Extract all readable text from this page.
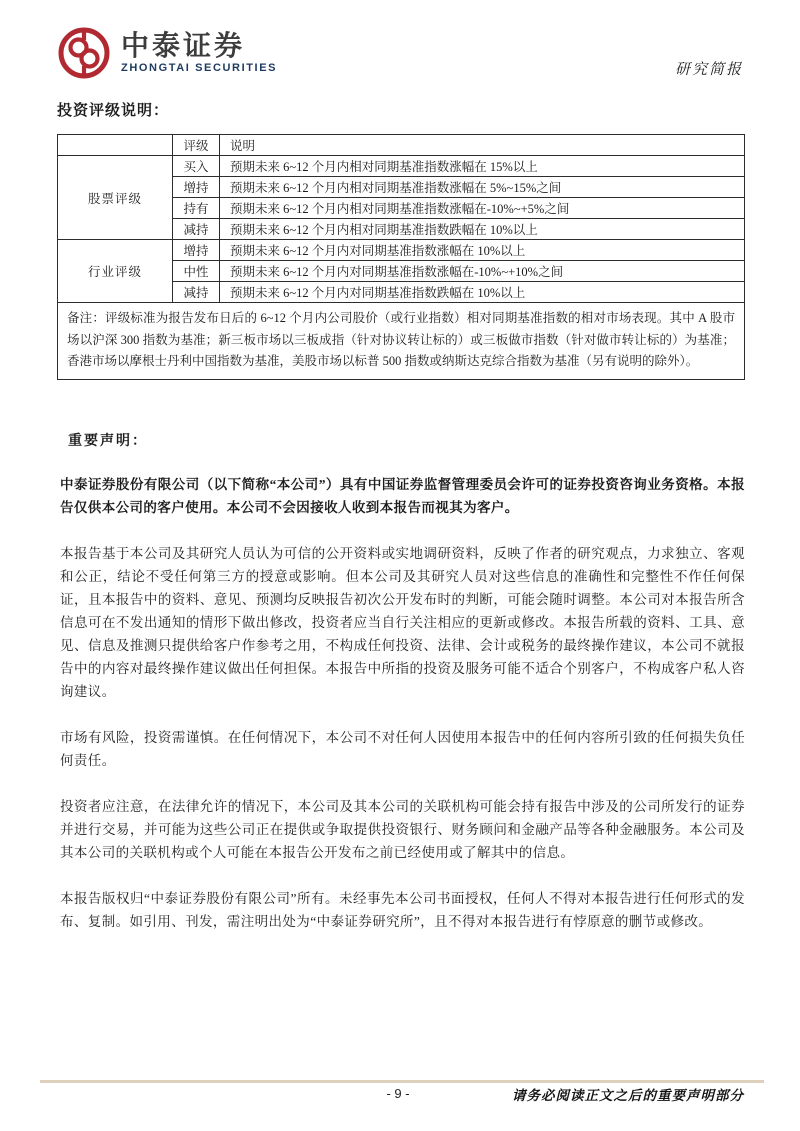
中泰证券
ZHONGTAI SECURITIES	研究简报
投资评级说明：
	评级	说明
股票评级	买入	预期未来 6~12 个月内相对同期基准指数涨幅在 15%以上
	增持	预期未来 6~12 个月内相对同期基准指数涨幅在 5%~15%之间
	持有	预期未来 6~12 个月内相对同期基准指数涨幅在-10%~+5%之间
	减持	预期未来 6~12 个月内相对同期基准指数跌幅在 10%以上
行业评级	增持	预期未来 6~12 个月内对同期基准指数涨幅在 10%以上
	中性	预期未来 6~12 个月内对同期基准指数涨幅在-10%~+10%之间
	减持	预期未来 6~12 个月内对同期基准指数跌幅在 10%以上
备注：评级标准为报告发布日后的 6~12 个月内公司股价（或行业指数）相对同期基准指数的相对市场表现。其中 A 股市场以沪深 300 指数为基准；新三板市场以三板成指（针对协议转让标的）或三板做市指数（针对做市转让标的）为基准；香港市场以摩根士丹利中国指数为基准，美股市场以标普 500 指数或纳斯达克综合指数为基准（另有说明的除外）。		
重要声明：
中泰证券股份有限公司（以下简称“本公司”）具有中国证券监督管理委员会许可的证券投资咨询业务资格。本报告仅供本公司的客户使用。本公司不会因接收人收到本报告而视其为客户。
本报告基于本公司及其研究人员认为可信的公开资料或实地调研资料，反映了作者的研究观点，力求独立、客观和公正，结论不受任何第三方的授意或影响。但本公司及其研究人员对这些信息的准确性和完整性不作任何保证，且本报告中的资料、意见、预测均反映报告初次公开发布时的判断，可能会随时调整。本公司对本报告所含信息可在不发出通知的情形下做出修改，投资者应当自行关注相应的更新或修改。本报告所载的资料、工具、意见、信息及推测只提供给客户作参考之用，不构成任何投资、法律、会计或税务的最终操作建议，本公司不就报告中的内容对最终操作建议做出任何担保。本报告中所指的投资及服务可能不适合个别客户，不构成客户私人咨询建议。
市场有风险，投资需谨慎。在任何情况下，本公司不对任何人因使用本报告中的任何内容所引致的任何损失负任何责任。
投资者应注意，在法律允许的情况下，本公司及其本公司的关联机构可能会持有报告中涉及的公司所发行的证券并进行交易，并可能为这些公司正在提供或争取提供投资银行、财务顾问和金融产品等各种金融服务。本公司及其本公司的关联机构或个人可能在本报告公开发布之前已经使用或了解其中的信息。
本报告版权归“中泰证券股份有限公司”所有。未经事先本公司书面授权，任何人不得对本报告进行任何形式的发布、复制。如引用、刊发，需注明出处为“中泰证券研究所”，且不得对本报告进行有悖原意的删节或修改。
- 9 -	请务必阅读正文之后的重要声明部分
